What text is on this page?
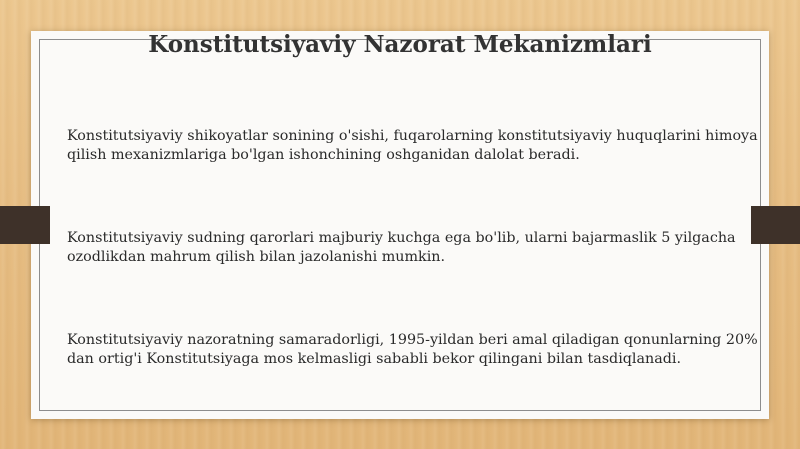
Konstitutsiyaviy Nazorat Mekanizmlari
Konstitutsiyaviy shikoyatlar sonining o'sishi, fuqarolarning konstitutsiyaviy huquqlarini himoya qilish mexanizmlariga bo'lgan ishonchining oshganidan dalolat beradi.
Konstitutsiyaviy sudning qarorlari majburiy kuchga ega bo'lib, ularni bajarmaslik 5 yilgacha ozodlikdan mahrum qilish bilan jazolanishi mumkin.
Konstitutsiyaviy nazoratning samaradorligi, 1995-yildan beri amal qiladigan qonunlarning 20% dan ortig'i Konstitutsiyaga mos kelmasligi sababli bekor qilingani bilan tasdiqlanadi.
